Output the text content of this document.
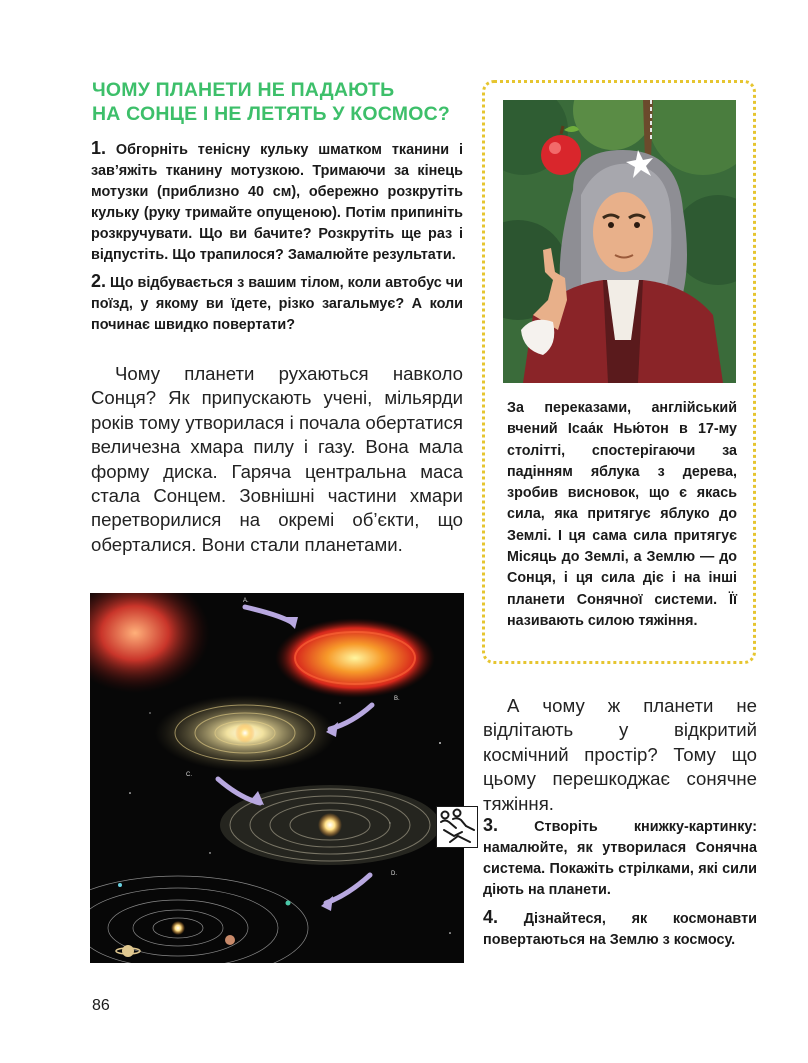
ЧОМУ ПЛАНЕТИ НЕ ПАДАЮТЬ
НА СОНЦЕ І НЕ ЛЕТЯТЬ У КОСМОС?

1. Обгорніть тенісну кульку шматком тканини і зав’яжіть тканину мотузкою. Тримаючи за кінець мотузки (приблизно 40 см), обережно розкрутіть кульку (руку тримайте опущеною). Потім припиніть розкручувати. Що ви бачите? Розкрутіть ще раз і відпустіть. Що трапилося? Замалюйте результати.

2. Що відбувається з вашим тілом, коли автобус чи поїзд, у якому ви їдете, різко загальмує? А коли починає швидко повертати?

Чому планети рухаються навколо Сонця? Як припускають учені, мільярди років тому утворилася і почала обертатися величезна хмара пилу і газу. Вона мала форму диска. Гаряча центральна маса стала Сонцем. Зовнішні частини хмари перетворилися на окремі об’єкти, що оберталися. Вони стали планетами.

За переказами, англійський вчений Ісаа́к Нью́тон в 17-му столітті, спостерігаючи за падінням яблука з дерева, зробив висновок, що є якась сила, яка притягує яблуко до Землі. І ця сама сила притягує Місяць до Землі, а Землю — до Сонця, і ця сила діє і на інші планети Сонячної системи. Її називають силою тяжіння.

A.
B.
C.
D.

А чому ж планети не відлітають у відкритий космічний простір? Тому що цьому перешкоджає сонячне тяжіння.

3.	Створіть книжку-картинку: намалюйте, як утворилася Сонячна система. Покажіть стрілками, які сили діють на планети.

4. Дізнайтеся, як космонавти повертаються на Землю з космосу.

86
